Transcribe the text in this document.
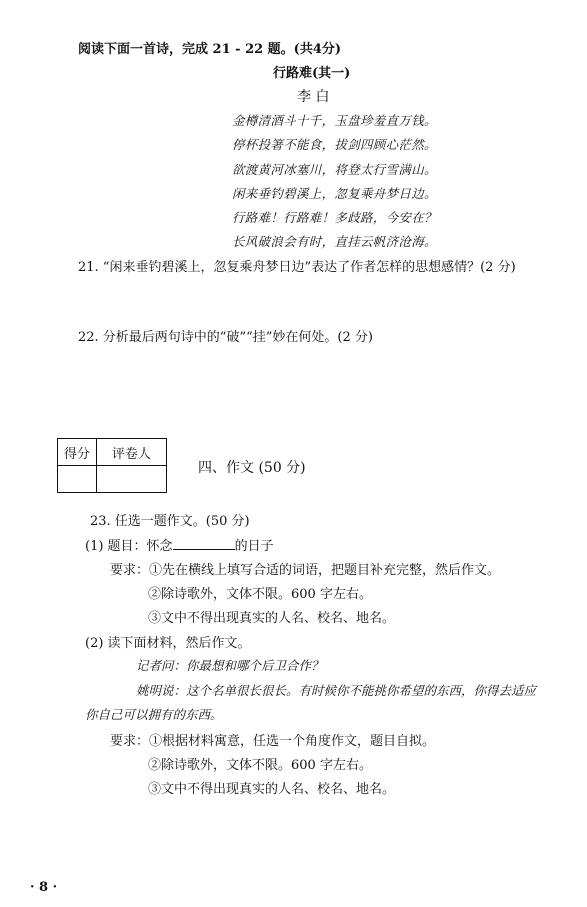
阅读下面一首诗，完成 21 - 22 题。(共4分)
行路难(其一)
李 白
金樽清酒斗十千，玉盘珍羞直万钱。
停杯投箸不能食，拔剑四顾心茫然。
欲渡黄河冰塞川，将登太行雪满山。
闲来垂钓碧溪上，忽复乘舟梦日边。
行路难！行路难！多歧路，今安在？
长风破浪会有时，直挂云帆济沧海。
21. “闲来垂钓碧溪上，忽复乘舟梦日边”表达了作者怎样的思想感情？(2 分)
22. 分析最后两句诗中的“破”“挂”妙在何处。(2 分)
得分	评卷人

四、作文 (50 分)
23. 任选一题作文。(50 分)
(1) 题目：怀念	的日子
要求：①先在横线上填写合适的词语，把题目补充完整，然后作文。
②除诗歌外，文体不限。600 字左右。
③文中不得出现真实的人名、校名、地名。
(2) 读下面材料，然后作文。
记者问：你最想和哪个后卫合作？
姚明说：这个名单很长很长。有时候你不能挑你希望的东西，你得去适应
你自己可以拥有的东西。
要求：①根据材料寓意，任选一个角度作文，题目自拟。
②除诗歌外，文体不限。600 字左右。
③文中不得出现真实的人名、校名、地名。
· 8 ·
